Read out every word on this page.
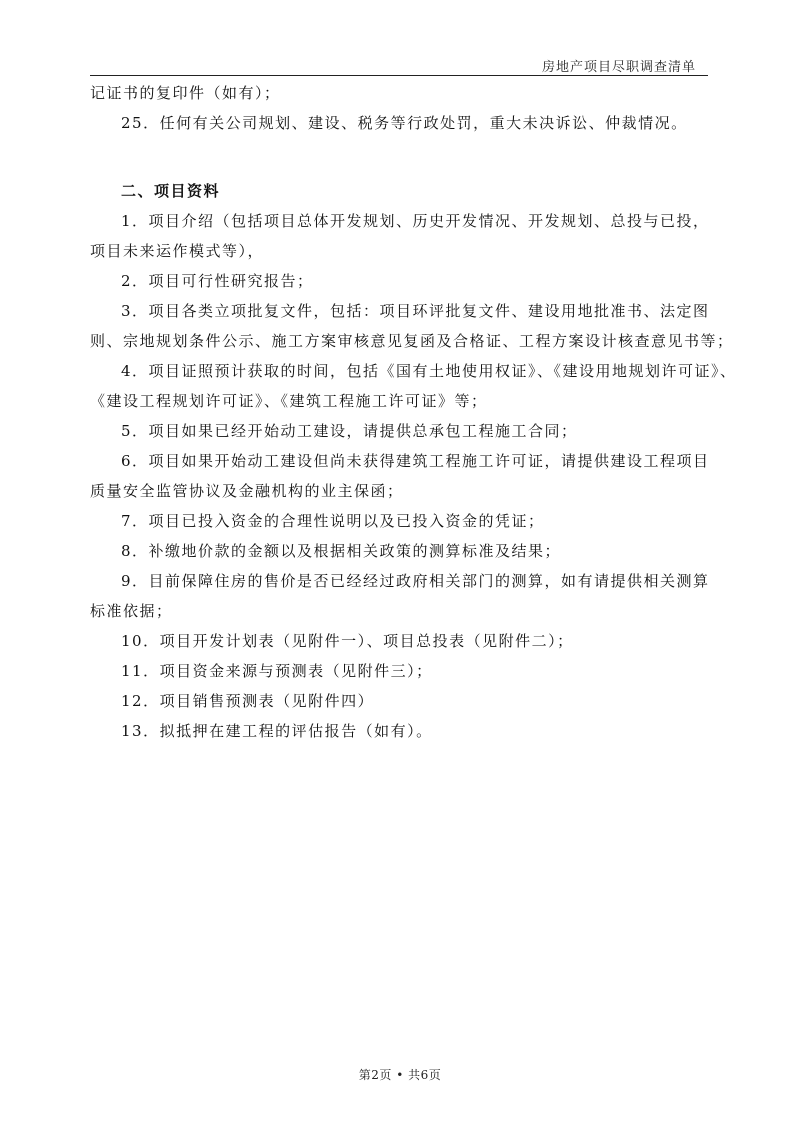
房地产项目尽职调查清单
记证书的复印件（如有）；
25．任何有关公司规划、建设、税务等行政处罚，重大未决诉讼、仲裁情况。
二、项目资料
1．项目介绍（包括项目总体开发规划、历史开发情况、开发规划、总投与已投，
项目未来运作模式等），
2．项目可行性研究报告；
3．项目各类立项批复文件，包括：项目环评批复文件、建设用地批准书、法定图
则、宗地规划条件公示、施工方案审核意见复函及合格证、工程方案设计核查意见书等；
4．项目证照预计获取的时间，包括《国有土地使用权证》、《建设用地规划许可证》、
《建设工程规划许可证》、《建筑工程施工许可证》等；
5．项目如果已经开始动工建设，请提供总承包工程施工合同；
6．项目如果开始动工建设但尚未获得建筑工程施工许可证，请提供建设工程项目
质量安全监管协议及金融机构的业主保函；
7．项目已投入资金的合理性说明以及已投入资金的凭证；
8．补缴地价款的金额以及根据相关政策的测算标准及结果；
9．目前保障住房的售价是否已经经过政府相关部门的测算，如有请提供相关测算
标准依据；
10．项目开发计划表（见附件一）、项目总投表（见附件二）；
11．项目资金来源与预测表（见附件三）；
12．项目销售预测表（见附件四）
13．拟抵押在建工程的评估报告（如有）。
第2页 • 共6页
